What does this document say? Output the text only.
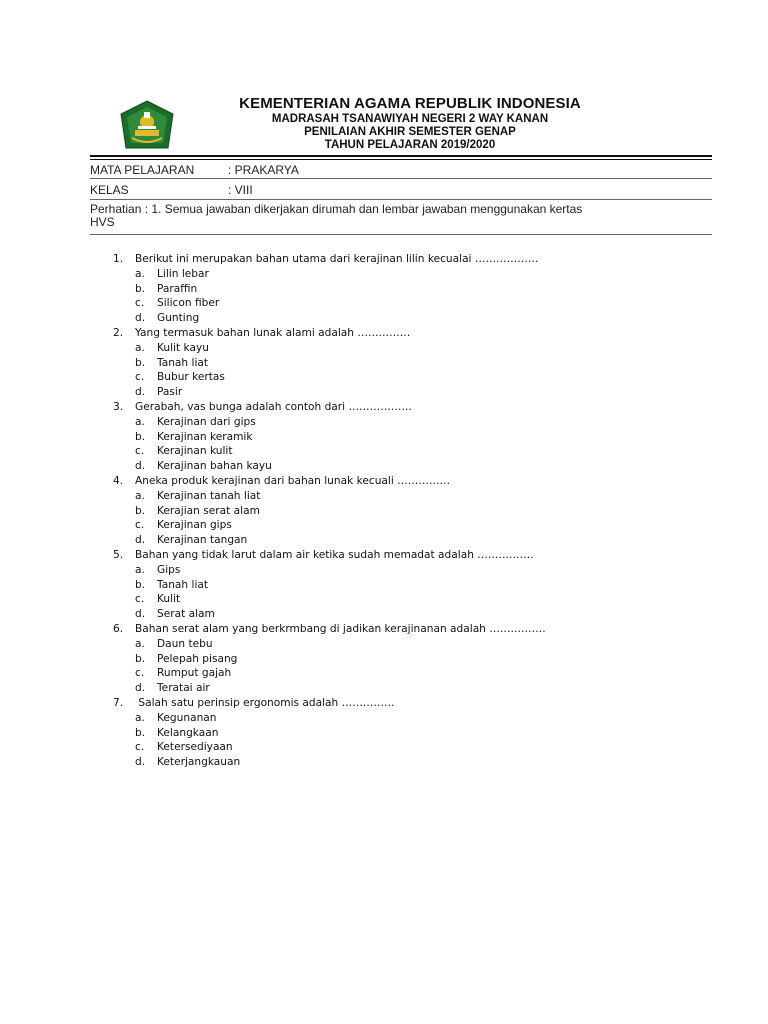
KEMENTERIAN AGAMA REPUBLIK INDONESIA
MADRASAH TSANAWIYAH NEGERI 2 WAY KANAN
PENILAIAN AKHIR SEMESTER GENAP
TAHUN PELAJARAN 2019/2020
MATA PELAJARAN	: PRAKARYA
KELAS	: VIII
Perhatian : 1. Semua jawaban dikerjakan dirumah dan lembar jawaban menggunakan kertas
HVS
1. Berikut ini merupakan bahan utama dari kerajinan lilin kecualai ………………
a. Lilin lebar
b. Paraffin
c. Silicon fiber
d. Gunting
2. Yang termasuk bahan lunak alami adalah ……………
a. Kulit kayu
b. Tanah liat
c. Bubur kertas
d. Pasir
3. Gerabah, vas bunga adalah contoh dari ………………
a. Kerajinan dari gips
b. Kerajinan keramik
c. Kerajinan kulit
d. Kerajinan bahan kayu
4. Aneka produk kerajinan dari bahan lunak kecuali ……………
a. Kerajinan tanah liat
b. Kerajian serat alam
c. Kerajinan gips
d. Kerajinan tangan
5. Bahan yang tidak larut dalam air ketika sudah memadat adalah …………….
a. Gips
b. Tanah liat
c. Kulit
d. Serat alam
6. Bahan serat alam yang berkrmbang di jadikan kerajinanan adalah …………….
a. Daun tebu
b. Pelepah pisang
c. Rumput gajah
d. Teratai air
7. Salah satu perinsip ergonomis adalah ……………
a. Kegunanan
b. Kelangkaan
c. Ketersediyaan
d. Keterjangkauan
